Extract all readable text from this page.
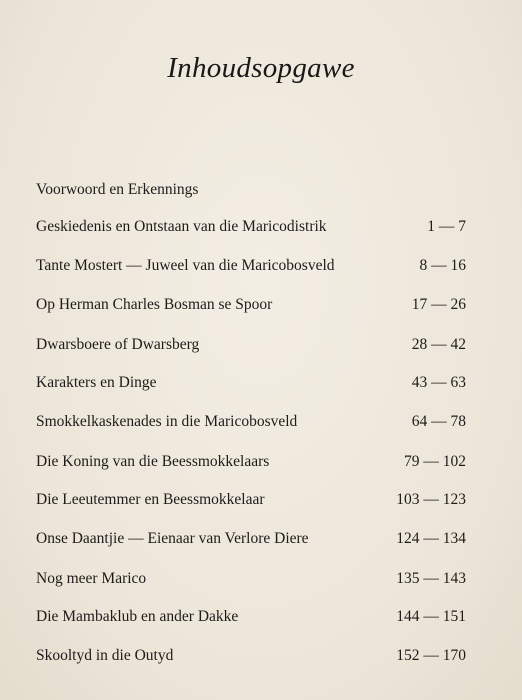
Inhoudsopgawe
Voorwoord en Erkennings
Geskiedenis en Ontstaan van die Maricodistrik	1 — 7
Tante Mostert — Juweel van die Maricobosveld	8 — 16
Op Herman Charles Bosman se Spoor	17 — 26
Dwarsboere of Dwarsberg	28 — 42
Karakters en Dinge	43 — 63
Smokkelkaskenades in die Maricobosveld	64 — 78
Die Koning van die Beessmokkelaars	79 — 102
Die Leeutemmer en Beessmokkelaar	103 — 123
Onse Daantjie — Eienaar van Verlore Diere	124 — 134
Nog meer Marico	135 — 143
Die Mambaklub en ander Dakke	144 — 151
Skooltyd in die Outyd	152 — 170
